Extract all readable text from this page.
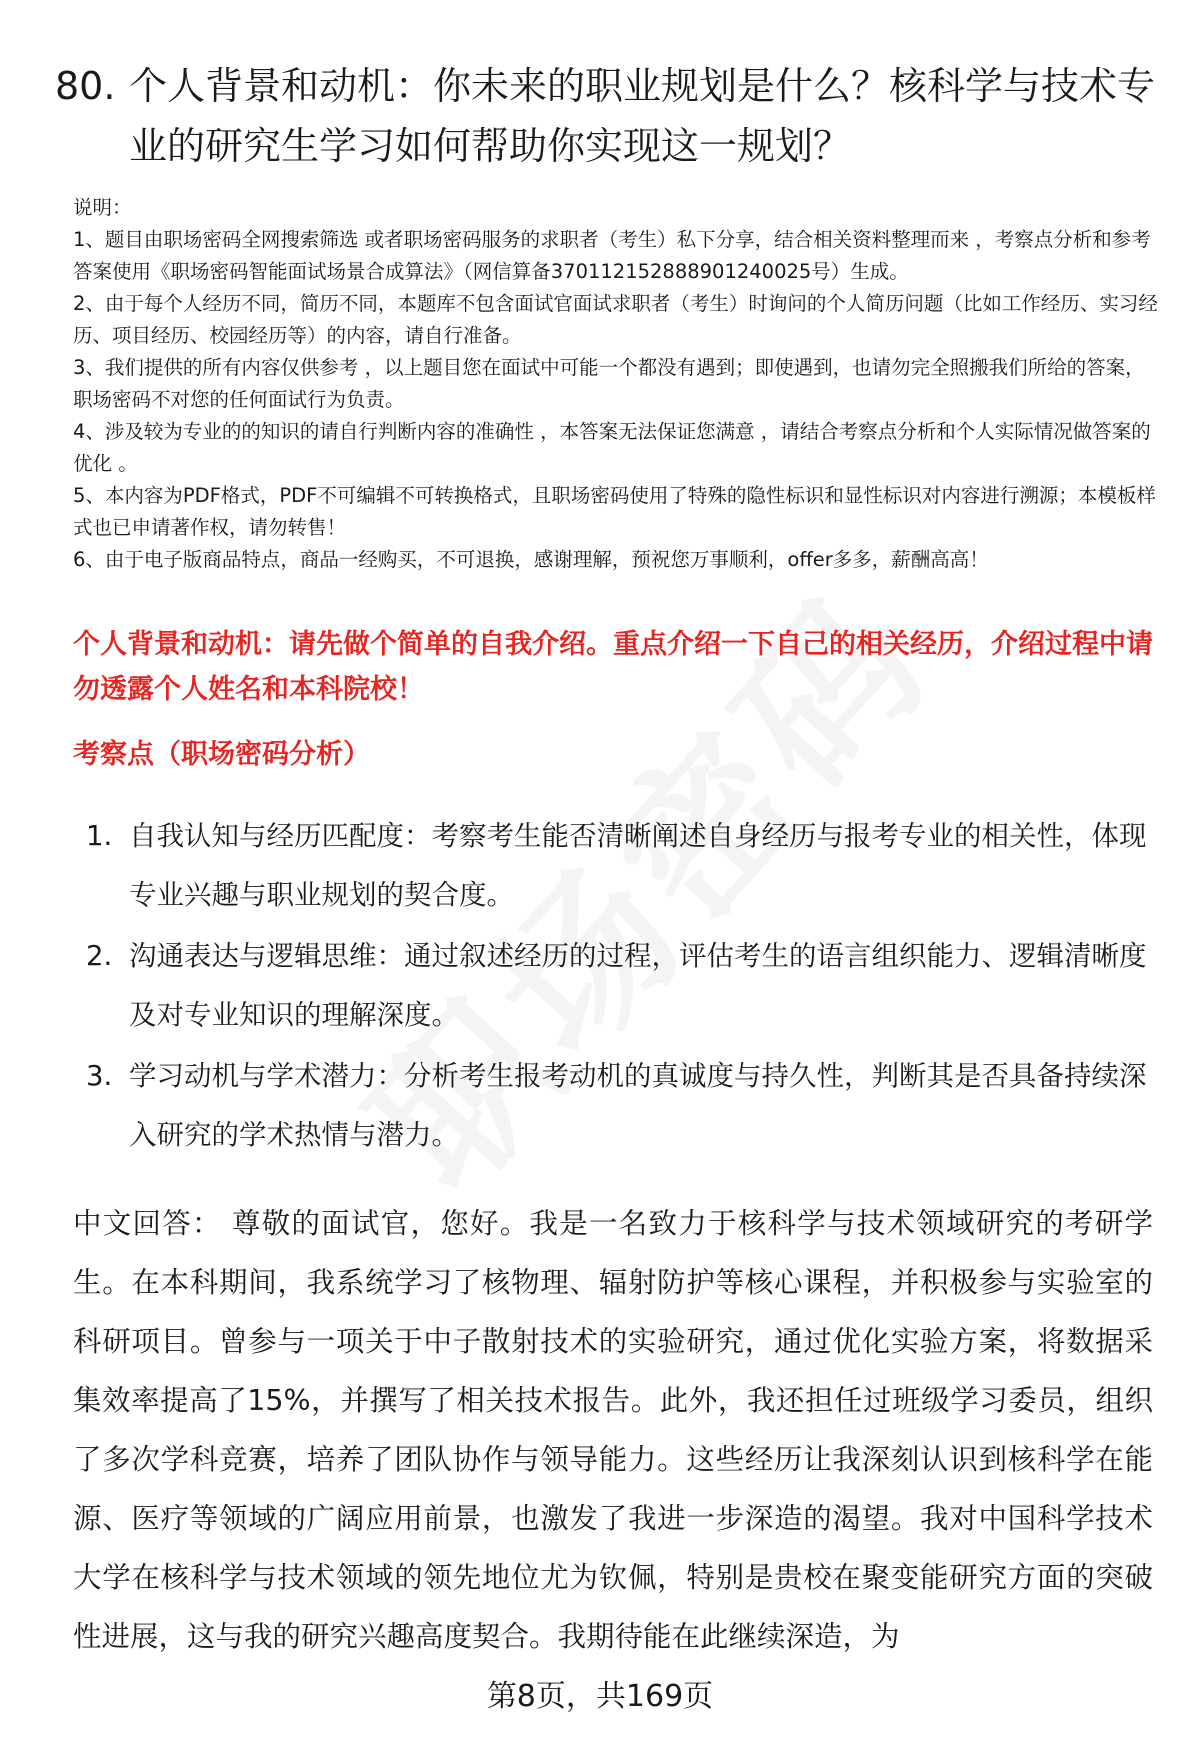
80. 个人背景和动机：你未来的职业规划是什么？核科学与技术专业的研究生学习如何帮助你实现这一规划？

说明：

1、题目由职场密码全网搜索筛选 或者职场密码服务的求职者（考生）私下分享，结合相关资料整理而来 ，考察点分析和参考答案使用《职场密码智能面试场景合成算法》（网信算备370112152888901240025号）生成。

2、由于每个人经历不同，简历不同，本题库不包含面试官面试求职者（考生）时询问的个人简历问题（比如工作经历、实习经历、项目经历、校园经历等）的内容，请自行准备。

3、我们提供的所有内容仅供参考 ，以上题目您在面试中可能一个都没有遇到；即使遇到，也请勿完全照搬我们所给的答案，职场密码不对您的任何面试行为负责。

4、涉及较为专业的的知识的请自行判断内容的准确性 ，本答案无法保证您满意 ，请结合考察点分析和个人实际情况做答案的优化 。

5、本内容为PDF格式，PDF不可编辑不可转换格式，且职场密码使用了特殊的隐性标识和显性标识对内容进行溯源；本模板样式也已申请著作权，请勿转售！

6、由于电子版商品特点，商品一经购买，不可退换，感谢理解，预祝您万事顺利，offer多多，薪酬高高！

个人背景和动机：请先做个简单的自我介绍。重点介绍一下自己的相关经历，介绍过程中请勿透露个人姓名和本科院校！

考察点（职场密码分析）

1. 自我认知与经历匹配度：考察考生能否清晰阐述自身经历与报考专业的相关性，体现专业兴趣与职业规划的契合度。
2. 沟通表达与逻辑思维：通过叙述经历的过程，评估考生的语言组织能力、逻辑清晰度及对专业知识的理解深度。
3. 学习动机与学术潜力：分析考生报考动机的真诚度与持久性，判断其是否具备持续深入研究的学术热情与潜力。

中文回答： 尊敬的面试官，您好。我是一名致力于核科学与技术领域研究的考研学生。在本科期间，我系统学习了核物理、辐射防护等核心课程，并积极参与实验室的科研项目。曾参与一项关于中子散射技术的实验研究，通过优化实验方案，将数据采集效率提高了15%，并撰写了相关技术报告。此外，我还担任过班级学习委员，组织了多次学科竞赛，培养了团队协作与领导能力。这些经历让我深刻认识到核科学在能源、医疗等领域的广阔应用前景，也激发了我进一步深造的渴望。我对中国科学技术大学在核科学与技术领域的领先地位尤为钦佩，特别是贵校在聚变能研究方面的突破性进展，这与我的研究兴趣高度契合。我期待能在此继续深造，为

第8页，共169页
